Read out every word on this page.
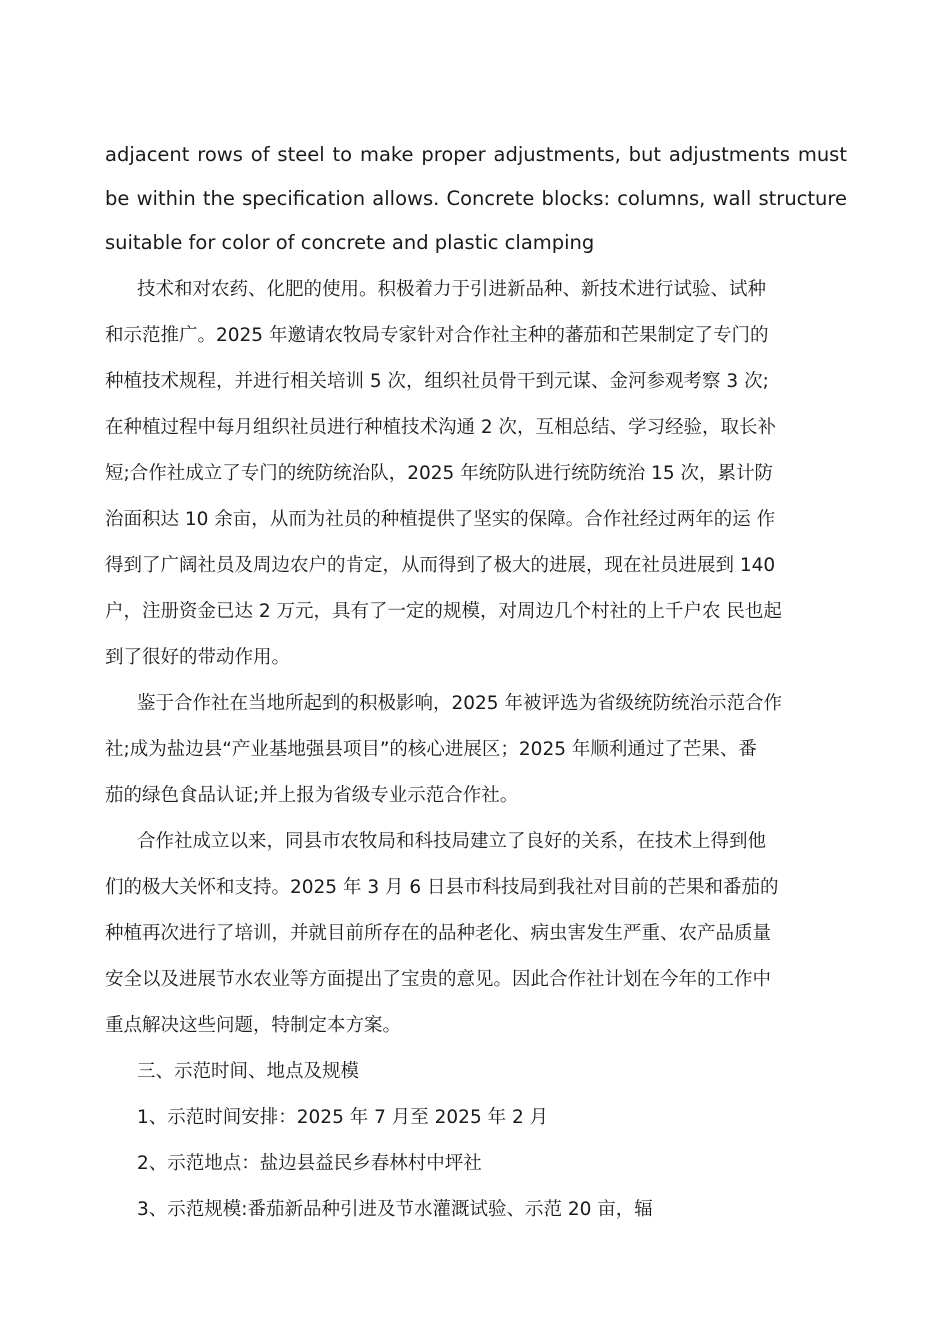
adjacent rows of steel to make proper adjustments, but adjustments must

be within the specification allows. Concrete blocks: columns, wall structure

suitable for color of concrete and plastic clamping

技术和对农药、化肥的使用。积极着力于引进新品种、新技术进行试验、试种

和示范推广。2025 年邀请农牧局专家针对合作社主种的蕃茄和芒果制定了专门的

种植技术规程，并进行相关培训 5 次，组织社员骨干到元谋、金河参观考察 3 次;

在种植过程中每月组织社员进行种植技术沟通 2 次，互相总结、学习经验，取长补

短;合作社成立了专门的统防统治队，2025 年统防队进行统防统治 15 次，累计防

治面积达 10 余亩，从而为社员的种植提供了坚实的保障。合作社经过两年的运 作

得到了广阔社员及周边农户的肯定，从而得到了极大的进展，现在社员进展到 140

户，注册资金已达 2 万元，具有了一定的规模，对周边几个村社的上千户农 民也起

到了很好的带动作用。

鉴于合作社在当地所起到的积极影响，2025 年被评选为省级统防统治示范合作

社;成为盐边县“产业基地强县项目”的核心进展区；2025 年顺利通过了芒果、番

茄的绿色食品认证;并上报为省级专业示范合作社。

合作社成立以来，同县市农牧局和科技局建立了良好的关系，在技术上得到他

们的极大关怀和支持。2025 年 3 月 6 日县市科技局到我社对目前的芒果和番茄的

种植再次进行了培训，并就目前所存在的品种老化、病虫害发生严重、农产品质量

安全以及进展节水农业等方面提出了宝贵的意见。因此合作社计划在今年的工作中

重点解决这些问题，特制定本方案。

三、示范时间、地点及规模

1、示范时间安排：2025 年 7 月至 2025 年 2 月

2、示范地点：盐边县益民乡春林村中坪社

3、示范规模:番茄新品种引进及节水灌溉试验、示范 20 亩，辐
